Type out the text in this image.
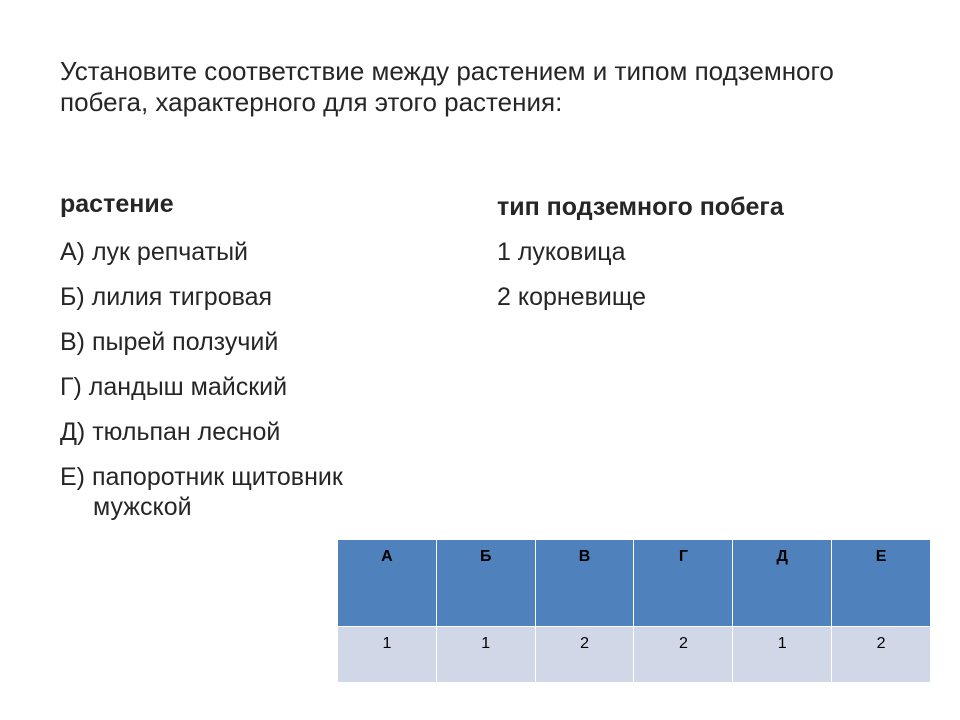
Установите соответствие между растением и типом подземного побега, характерного для этого растения:

растение	тип подземного побега

А) лук репчатый
Б) лилия тигровая
В) пырей ползучий
Г) ландыш майский
Д) тюльпан лесной
Е) папоротник щитовник мужской
1 луковица
2 корневище
А	Б	В	Г	Д	Е
1	1	2	2	1	2
